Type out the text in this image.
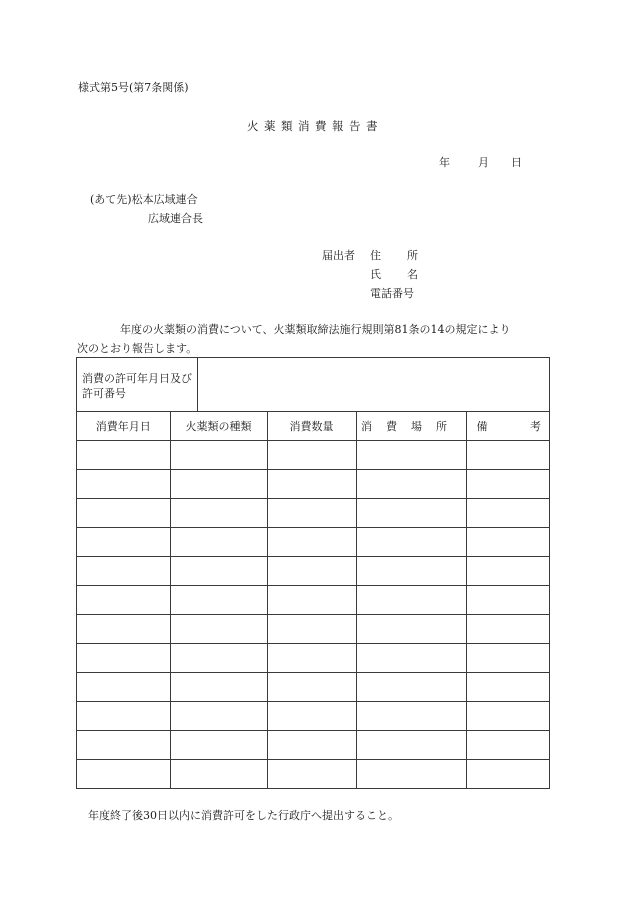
様式第5号(第7条関係)
火薬類消費報告書
年	月 日
(あて先)松本広域連合
広域連合長
届出者 住　所
氏　名
電話番号
年度の火薬類の消費について、火薬類取締法施行規則第81条の14の規定により
次のとおり報告します。
消費の許可年月日及び許可番号
消費年月日	火薬類の種類	消費数量	消費場所	備 考

年度終了後30日以内に消費許可をした行政庁へ提出すること。
